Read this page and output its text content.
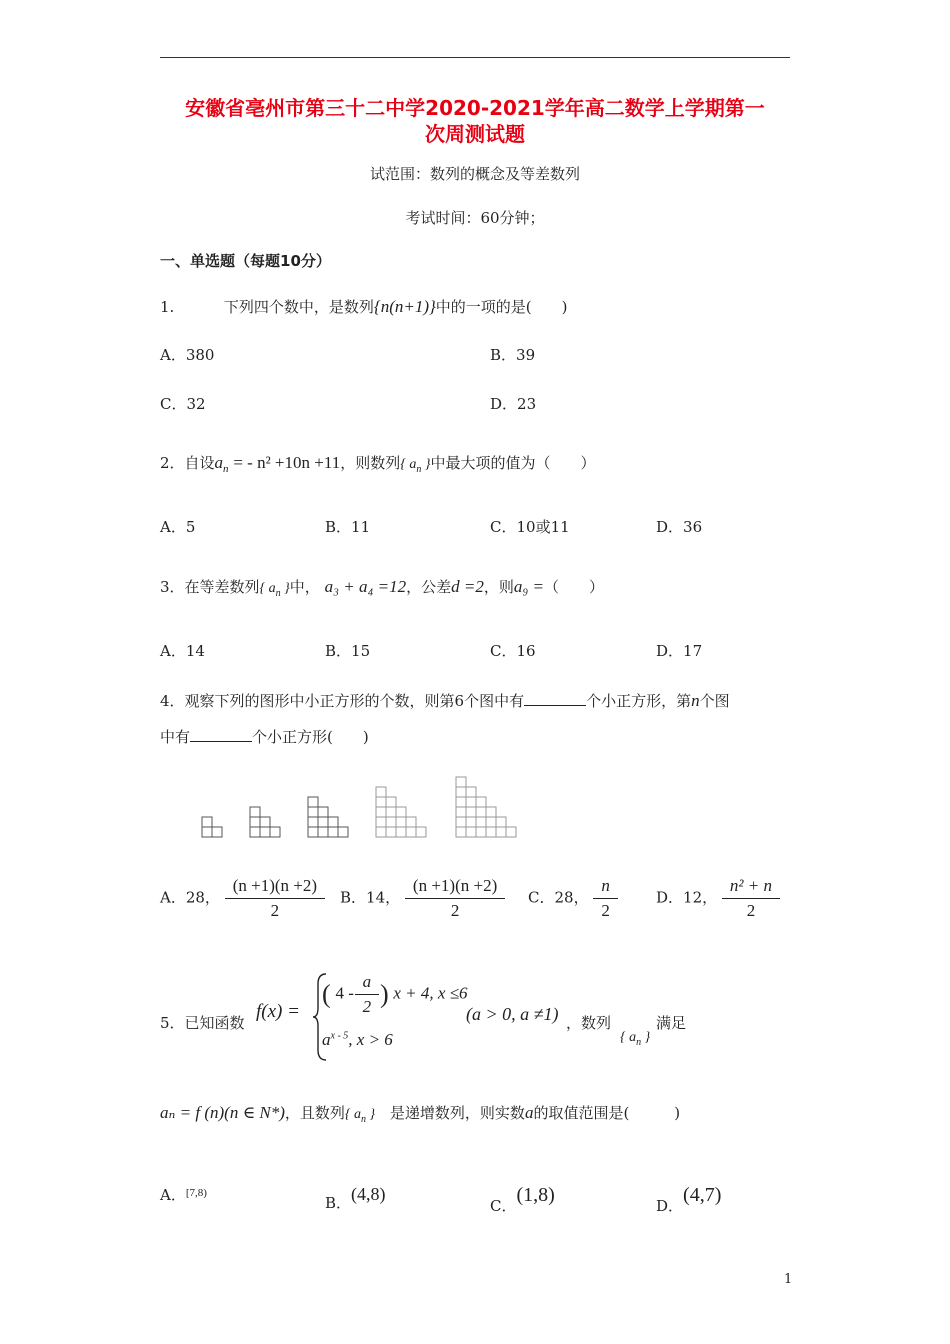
安徽省亳州市第三十二中学2020-2021学年高二数学上学期第一
次周测试题
试范围：数列的概念及等差数列
考试时间：60分钟；
一、单选题（每题10分）
1.	下列四个数中，是数列{n(n+1)}中的一项的是(　　)
A．380	B．39
C．32	D．23
2．自设$a_n$ = - n² +10n +11，则数列{ $a_n$ }中最大项的值为（　　）
A．5	B．11	C．10或11	D．36
3．在等差数列{ $a_n$ }中， a₃ + a₄ =12，公差d =2，则a₉ =（　　）
A．14	B．15	C．16	D．17
4．观察下列的图形中小正方形的个数，则第6个图中有	个小正方形，第n个图
中有	个小正方形(　　)
A．28， $\frac{(n +1)(n +2)}{2}$ B．14， $\frac{(n +1)(n +2)}{2}$ C．28， $\frac{n}{2}$	D．12， $\frac{\text{n² + n}}{2}$
5．已知函数
f(x) =
( $4 - \frac{a}{2}$ ) x + 4, x ≤6
$a^{x - 5}$, x > 6
(a > 0, a ≠1) ，数列
{ $a_n$ }
满足
aₙ = f (n)(n ∈ N*)，且数列{ $a_n$ } 是递增数列，则实数a的取值范围是(　　　)
A．$^{[7,8)}$
B．(4,8)
C．(1,8)	D．(4,7)
1
